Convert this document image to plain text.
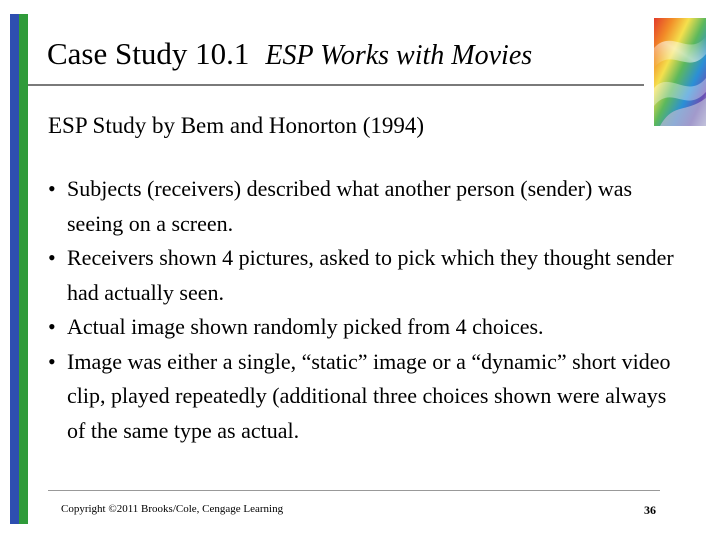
Case Study 10.1 ESP Works with Movies
ESP Study by Bem and Honorton (1994)
• Subjects (receivers) described what another person (sender) was seeing on a screen.
• Receivers shown 4 pictures, asked to pick which they thought sender had actually seen.
• Actual image shown randomly picked from 4 choices.
• Image was either a single, “static” image or a “dynamic” short video clip, played repeatedly (additional three choices shown were always of the same type as actual.
Copyright ©2011 Brooks/Cole, Cengage Learning	36
